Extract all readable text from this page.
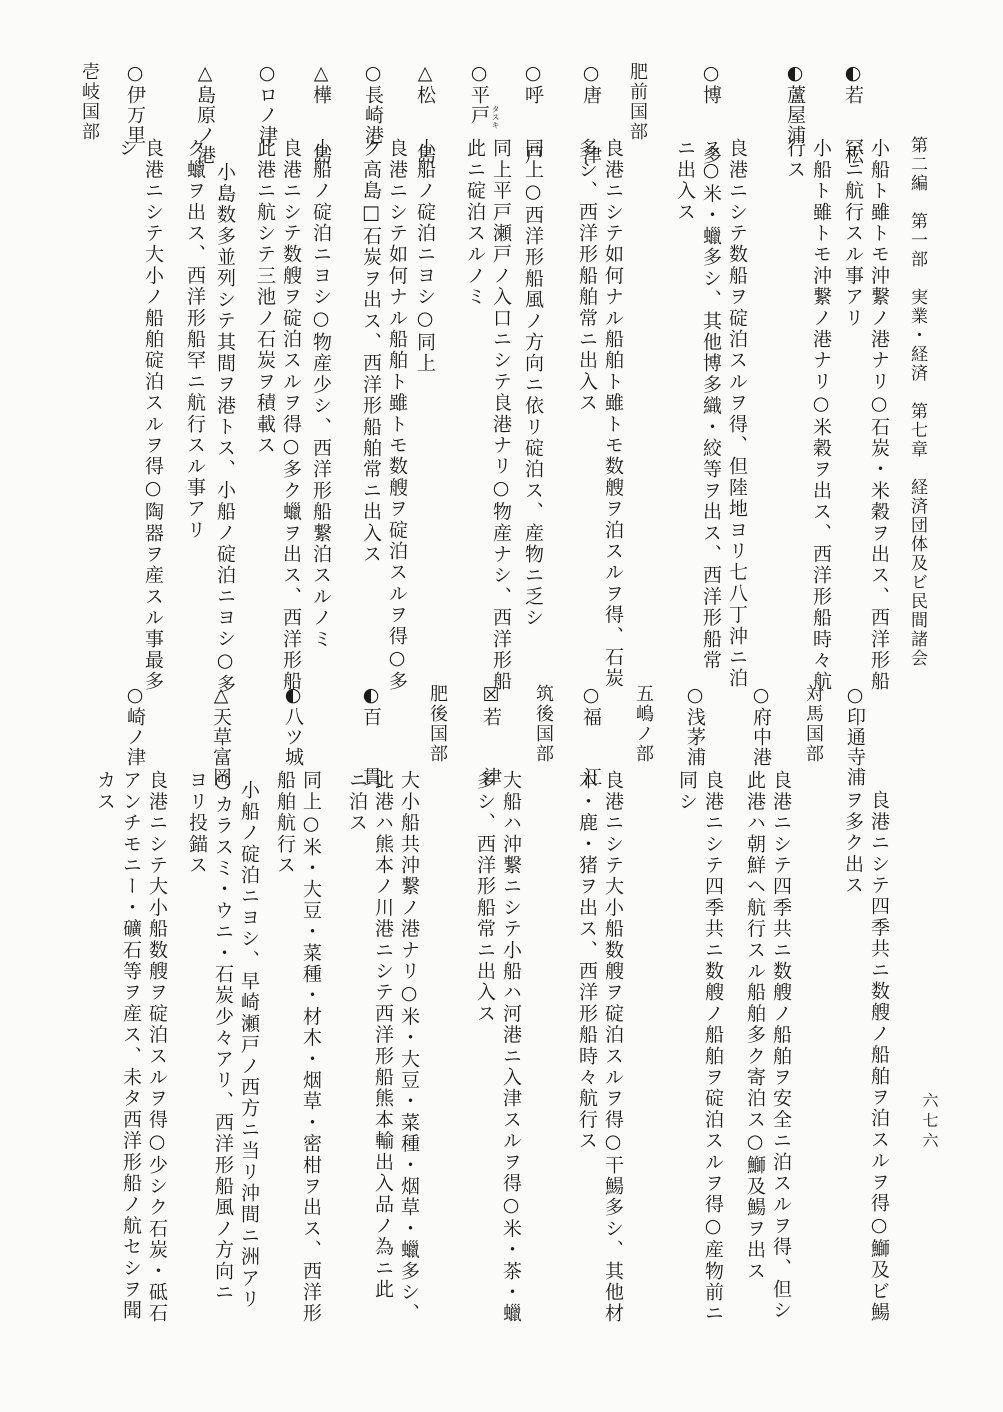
第二編　第一部　実業・経済　第七章　経済団体及ビ民間諸会
六七六
◐若　　松
小船ト雖トモ沖繋ノ港ナリ○石炭・米穀ヲ出ス、西洋形船
罕ニ航行スル事アリ
◐蘆屋浦
小船ト雖トモ沖繋ノ港ナリ○米穀ヲ出ス、西洋形船時々航
行ス
○博　　多
良港ニシテ数船ヲ碇泊スルヲ得、但陸地ヨリ七八丁沖ニ泊
ス○米・蠟多シ、其他博多織・絞等ヲ出ス、西洋形船常
ニ出入ス
肥前国部
○唐　　津
良港ニシテ如何ナル船舶ト雖トモ数艘ヲ泊スルヲ得、石炭
多シ、西洋形船舶常ニ出入ス
○呼　　戸
同上○西洋形船風ノ方向ニ依リ碇泊ス、産物ニ乏シ
○平戸 タスキ
同上平戸瀬戸ノ入口ニシテ良港ナリ○物産ナシ、西洋形船
此ニ碇泊スルノミ
△松　　島
小船ノ碇泊ニヨシ○同上
○長崎港
良港ニシテ如何ナル船舶ト雖トモ数艘ヲ碇泊スルヲ得○多
ク高島□石炭ヲ出ス、西洋形船舶常ニ出入ス
△樺　　島
小船ノ碇泊ニヨシ○物産少シ、西洋形船繋泊スルノミ
○ロノ津
良港ニシテ数艘ヲ碇泊スルヲ得○多ク蠟ヲ出ス、西洋形船
此港ニ航シテ三池ノ石炭ヲ積載ス
△島原ノ港
小島数多並列シテ其間ヲ港トス、小船ノ碇泊ニヨシ○多
ク蠟ヲ出ス、西洋形船罕ニ航行スル事アリ
○伊万里
良港ニシテ大小ノ船舶碇泊スルヲ得○陶器ヲ産スル事最多
シ
壱岐国部
○印通寺浦
良港ニシテ四季共ニ数艘ノ船舶ヲ泊スルヲ得○鰤及ビ鰑
ヲ多ク出ス
対馬国部
○府中港
良港ニシテ四季共ニ数艘ノ船舶ヲ安全ニ泊スルヲ得、但シ
此港ハ朝鮮ヘ航行スル船舶多ク寄泊ス○鰤及鰑ヲ出ス
○浅茅浦
良港ニシテ四季共ニ数艘ノ船舶ヲ碇泊スルヲ得○産物前ニ
同シ
五嶋ノ部
○福　　江
良港ニシテ大小船数艘ヲ碇泊スルヲ得○干鰑多シ、其他材
木・鹿・猪ヲ出ス、西洋形船時々航行ス
筑後国部
☒若　　津
大船ハ沖繋ニシテ小船ハ河港ニ入津スルヲ得○米・茶・蠟
多シ、西洋形船常ニ出入ス
肥後国部
◐百　　貫
大小船共沖繋ノ港ナリ○米・大豆・菜種・烟草・蠟多シ、
此港ハ熊本ノ川港ニシテ西洋形船熊本輸出入品ノ為ニ此
ニ泊ス
◐八ツ城
同上○米・大豆・菜種・材木・烟草・密柑ヲ出ス、西洋形
船舶航行ス
△天草富岡
小船ノ碇泊ニヨシ、早崎瀬戸ノ西方ニ当リ沖間ニ洲アリ
○カラスミ・ウニ・石炭少々アリ、西洋形船風ノ方向ニ
ヨリ投錨ス
○崎ノ津
良港ニシテ大小船数艘ヲ碇泊スルヲ得○少シク石炭・砥石
アンチモニー・礦石等ヲ産ス、未タ西洋形船ノ航セシヲ聞
カス
